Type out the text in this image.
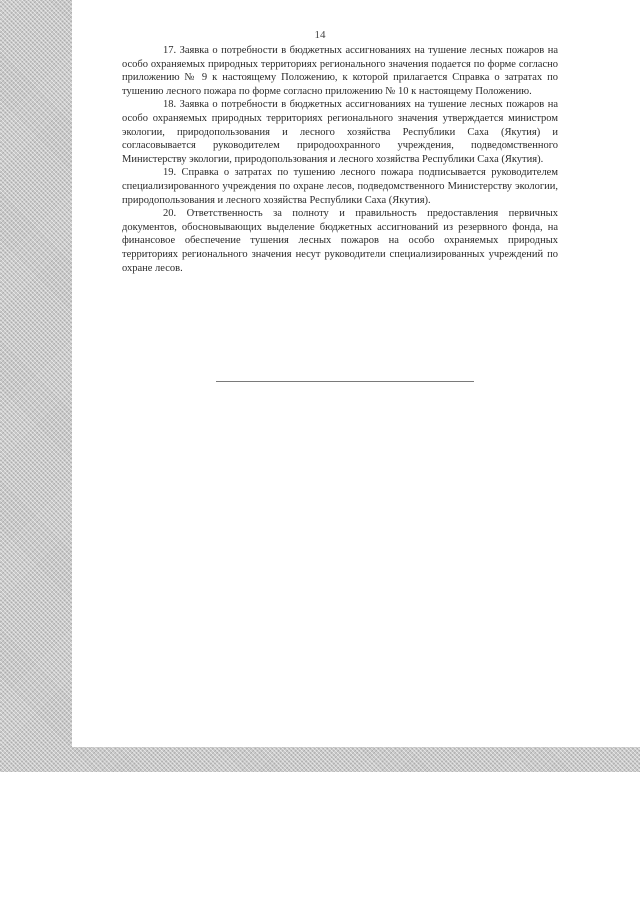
14

17. Заявка о потребности в бюджетных ассигнованиях на тушение лесных пожаров на особо охраняемых природных территориях регионального значения подается по форме согласно приложению № 9 к настоящему Положению, к которой прилагается Справка о затратах по тушению лесного пожара по форме согласно приложению № 10 к настоящему Положению.

18. Заявка о потребности в бюджетных ассигнованиях на тушение лесных пожаров на особо охраняемых природных территориях регионального значения утверждается министром экологии, природопользования и лесного хозяйства Республики Саха (Якутия) и согласовывается руководителем природоохранного учреждения, подведомственного Министерству экологии, природопользования и лесного хозяйства Республики Саха (Якутия).

19. Справка о затратах по тушению лесного пожара подписывается руководителем специализированного учреждения по охране лесов, подведомственного Министерству экологии, природопользования и лесного хозяйства Республики Саха (Якутия).

20. Ответственность за полноту и правильность предоставления первичных документов, обосновывающих выделение бюджетных ассигнований из резервного фонда, на финансовое обеспечение тушения лесных пожаров на особо охраняемых природных территориях регионального значения несут руководители специализированных учреждений по охране лесов.
